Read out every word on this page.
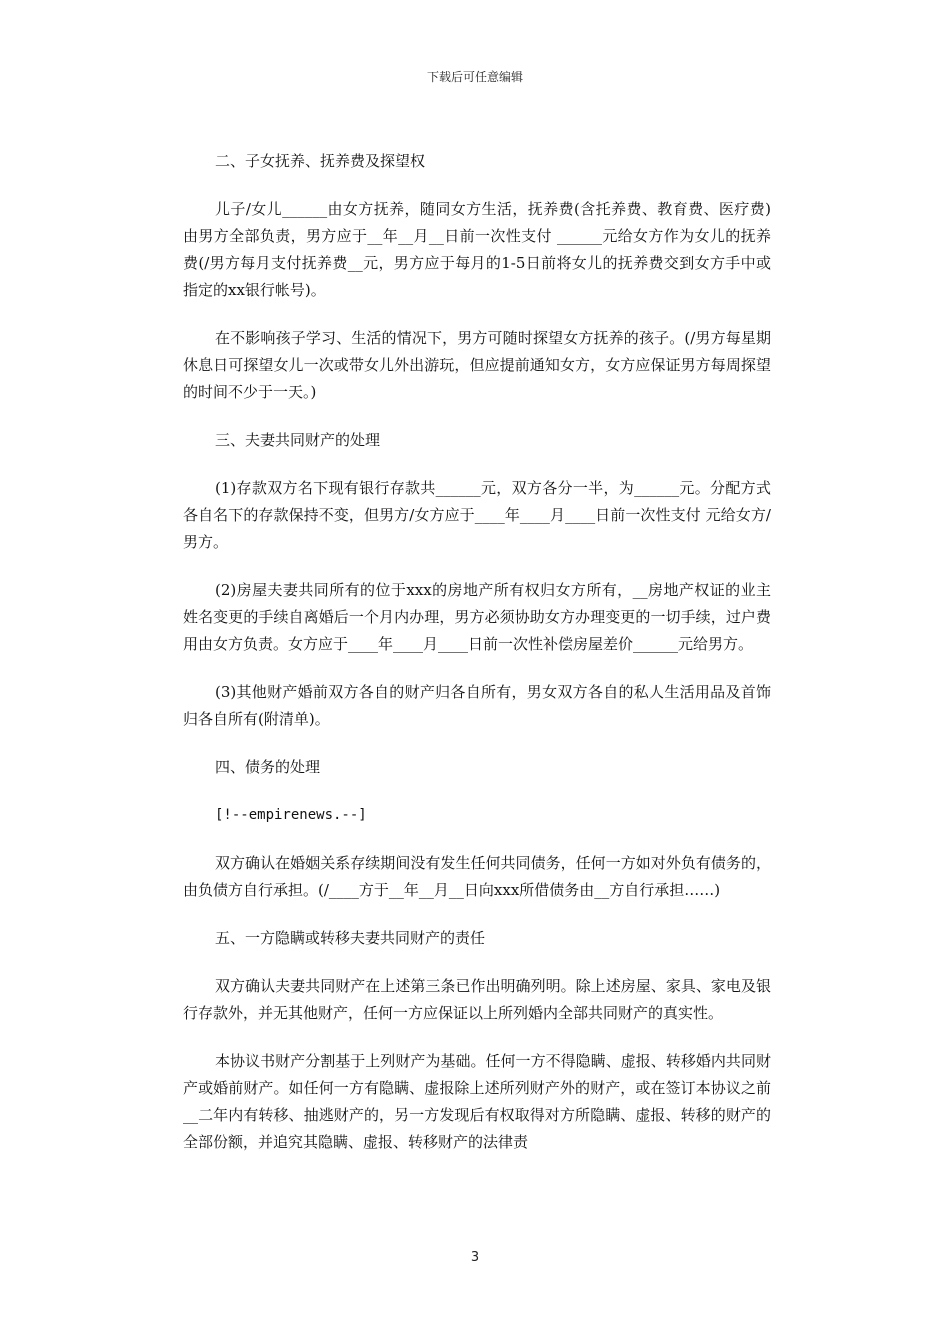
下载后可任意编辑

二、子女抚养、抚养费及探望权

儿子/女儿______由女方抚养，随同女方生活，抚养费(含托养费、教育费、医疗费)由男方全部负责，男方应于__年__月__日前一次性支付 ______元给女方作为女儿的抚养费(/男方每月支付抚养费__元，男方应于每月的1-5日前将女儿的抚养费交到女方手中或指定的xx银行帐号)。

在不影响孩子学习、生活的情况下，男方可随时探望女方抚养的孩子。(/男方每星期休息日可探望女儿一次或带女儿外出游玩，但应提前通知女方，女方应保证男方每周探望的时间不少于一天。)

三、夫妻共同财产的处理

(1)存款双方名下现有银行存款共______元，双方各分一半，为______元。分配方式各自名下的存款保持不变，但男方/女方应于____年____月____日前一次性支付 元给女方/男方。

(2)房屋夫妻共同所有的位于xxx的房地产所有权归女方所有，__房地产权证的业主姓名变更的手续自离婚后一个月内办理，男方必须协助女方办理变更的一切手续，过户费用由女方负责。女方应于____年____月____日前一次性补偿房屋差价______元给男方。

(3)其他财产婚前双方各自的财产归各自所有，男女双方各自的私人生活用品及首饰归各自所有(附清单)。

四、债务的处理

[!--empirenews.--]

双方确认在婚姻关系存续期间没有发生任何共同债务，任何一方如对外负有债务的，由负债方自行承担。(/____方于__年__月__日向xxx所借债务由__方自行承担……)

五、一方隐瞒或转移夫妻共同财产的责任

双方确认夫妻共同财产在上述第三条已作出明确列明。除上述房屋、家具、家电及银行存款外，并无其他财产，任何一方应保证以上所列婚内全部共同财产的真实性。

本协议书财产分割基于上列财产为基础。任何一方不得隐瞒、虚报、转移婚内共同财产或婚前财产。如任何一方有隐瞒、虚报除上述所列财产外的财产，或在签订本协议之前__二年内有转移、抽逃财产的，另一方发现后有权取得对方所隐瞒、虚报、转移的财产的全部份额，并追究其隐瞒、虚报、转移财产的法律责

3
